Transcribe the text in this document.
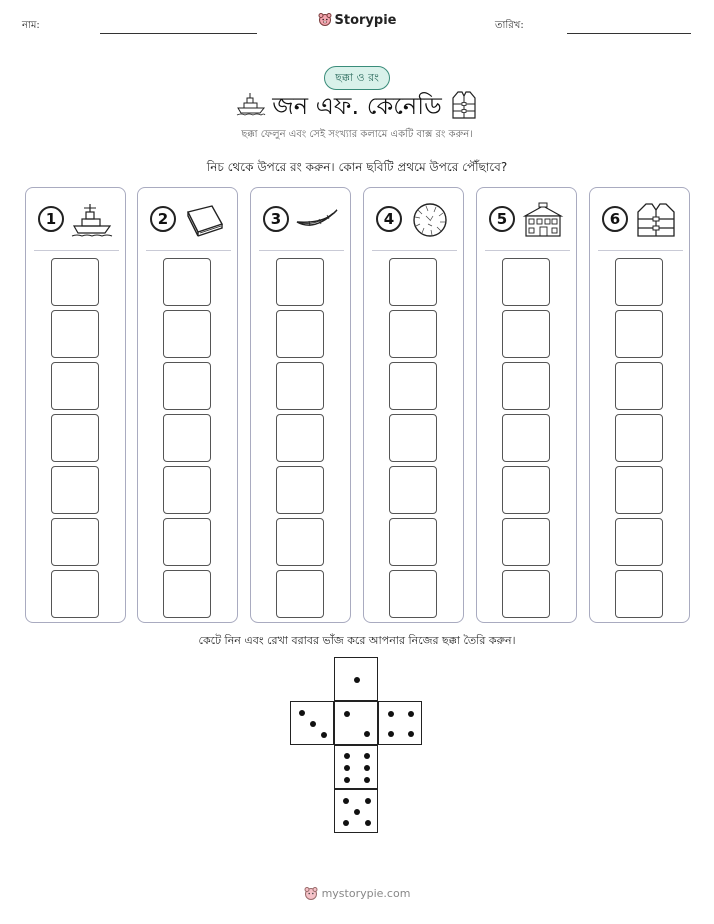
নাম:	Storypie	তারিখ:
ছক্কা ও রং
জন এফ. কেনেডি
ছক্কা ফেলুন এবং সেই সংখ্যার কলামে একটি বাক্স রং করুন।
নিচ থেকে উপরে রং করুন। কোন ছবিটি প্রথমে উপরে পৌঁছাবে?
1	2	3	4	5	6
কেটে নিন এবং রেখা বরাবর ভাঁজ করে আপনার নিজের ছক্কা তৈরি করুন।
mystorypie.com
